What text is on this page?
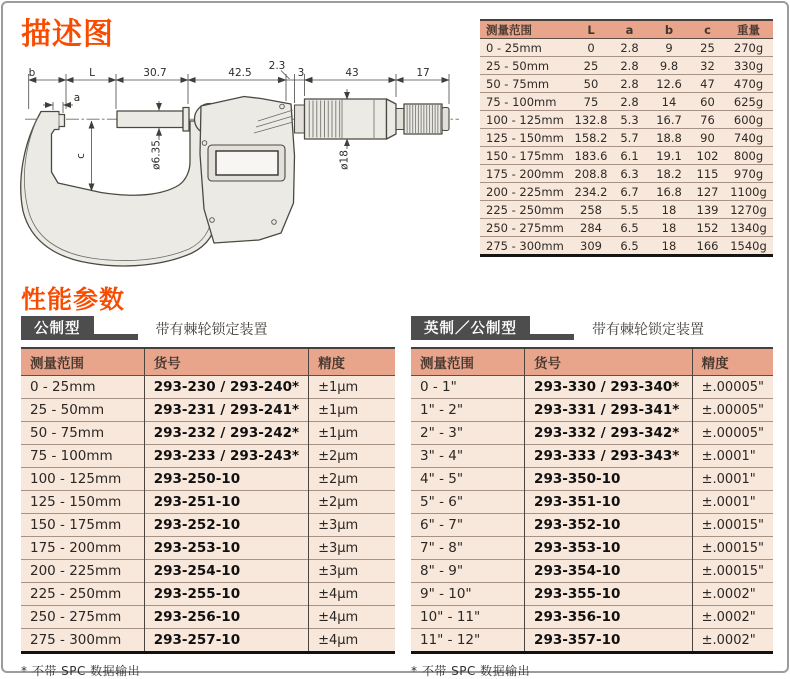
描述图
b	L	30.7	42.5
2.3
3	43	17
a
c	ø6.35	ø18
测量范围	L	a	b	c	重量
0 - 25mm	0	2.8	9	25	270g
25 - 50mm	25	2.8	9.8	32	330g
50 - 75mm	50	2.8	12.6	47	470g
75 - 100mm	75	2.8	14	60	625g
100 - 125mm	132.8	5.3	16.7	76	600g
125 - 150mm	158.2	5.7	18.8	90	740g
150 - 175mm	183.6	6.1	19.1	102	800g
175 - 200mm	208.8	6.3	18.2	115	970g
200 - 225mm	234.2	6.7	16.8	127	1100g
225 - 250mm	258	5.5	18	139	1270g
250 - 275mm	284	6.5	18	152	1340g
275 - 300mm	309	6.5	18	166	1540g
性能参数
公制型	带有棘轮锁定装置
测量范围	货号	精度
0 - 25mm	293-230 / 293-240*	±1μm
25 - 50mm	293-231 / 293-241*	±1μm
50 - 75mm	293-232 / 293-242*	±1μm
75 - 100mm	293-233 / 293-243*	±2μm
100 - 125mm	293-250-10	±2μm
125 - 150mm	293-251-10	±2μm
150 - 175mm	293-252-10	±3μm
175 - 200mm	293-253-10	±3μm
200 - 225mm	293-254-10	±3μm
225 - 250mm	293-255-10	±4μm
250 - 275mm	293-256-10	±4μm
275 - 300mm	293-257-10	±4μm
* 不带 SPC 数据输出
英制／公制型	带有棘轮锁定装置
测量范围	货号	精度
0 - 1"	293-330 / 293-340*	±.00005"
1" - 2"	293-331 / 293-341*	±.00005"
2" - 3"	293-332 / 293-342*	±.00005"
3" - 4"	293-333 / 293-343*	±.0001"
4" - 5"	293-350-10	±.0001"
5" - 6"	293-351-10	±.0001"
6" - 7"	293-352-10	±.00015"
7" - 8"	293-353-10	±.00015"
8" - 9"	293-354-10	±.00015"
9" - 10"	293-355-10	±.0002"
10" - 11"	293-356-10	±.0002"
11" - 12"	293-357-10	±.0002"
* 不带 SPC 数据输出
